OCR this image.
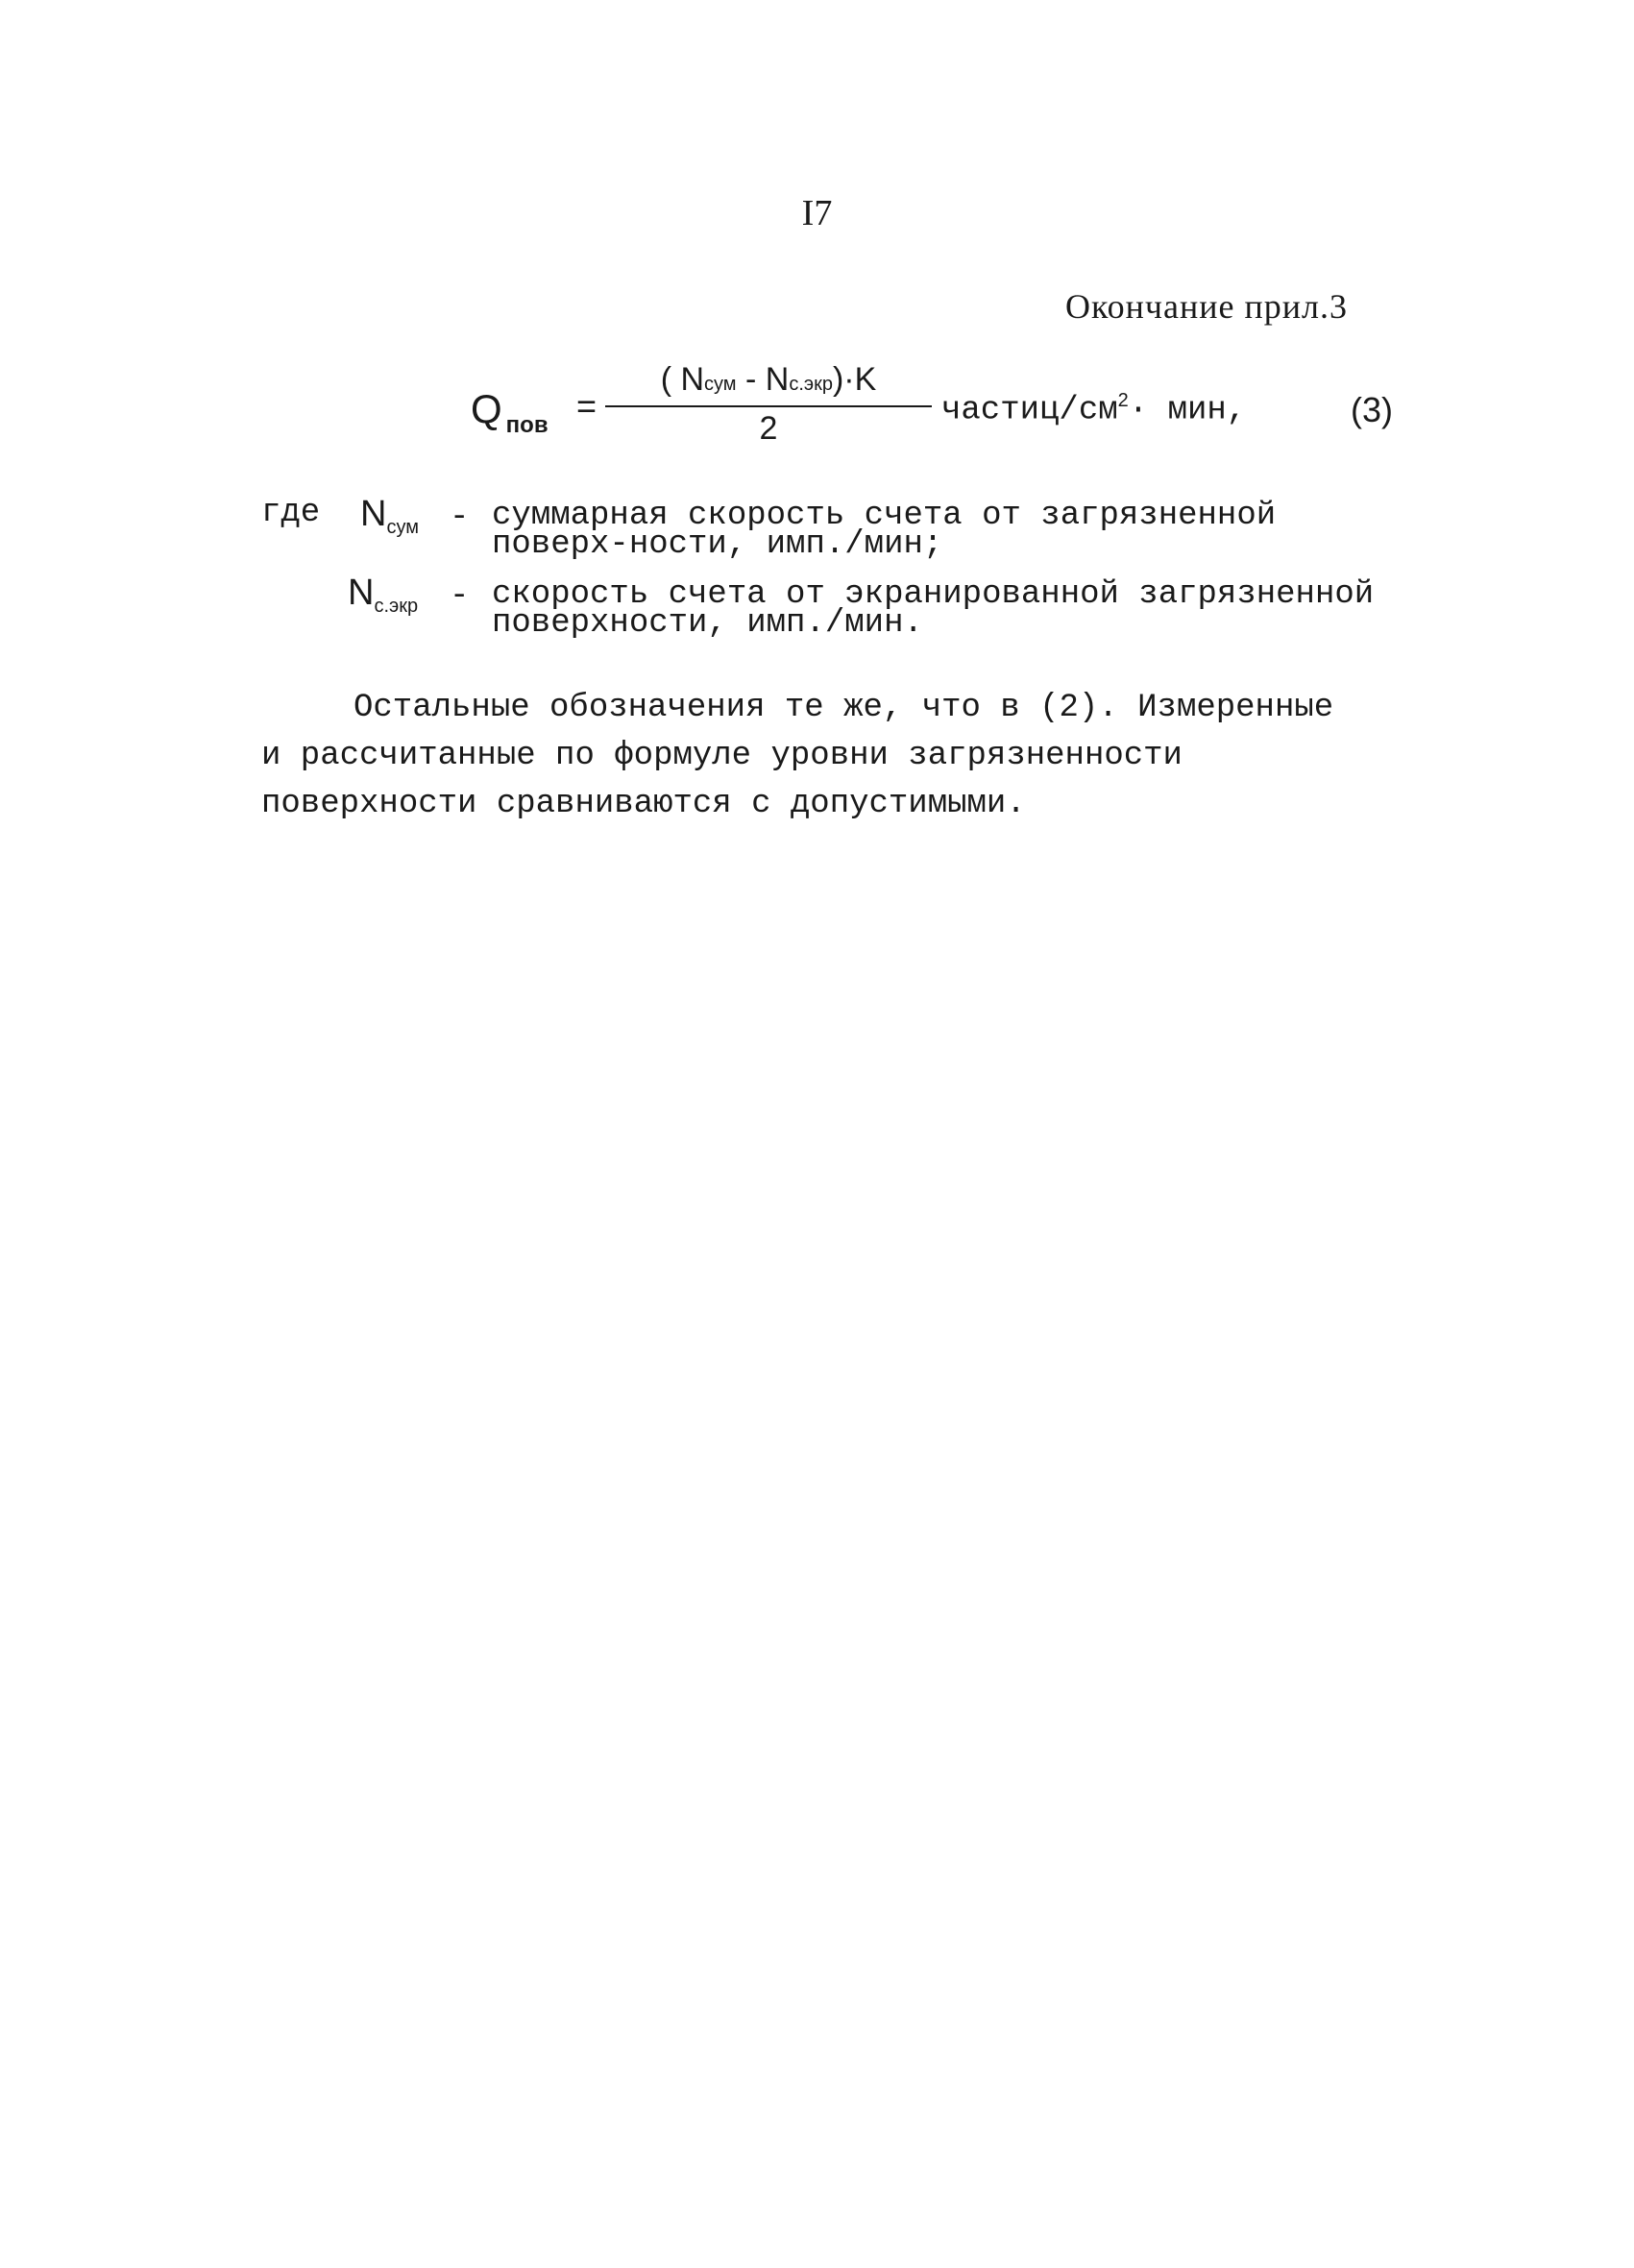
I7
Окончание прил.3
Q $_{пов}$ =
( Nсум - Nс.экр)·K
2	частиц/$см^2\cdot$ мин,	(3)
где $N_{сум}$ - суммарная скорость счета от загрязненной поверх-ности, имп./мин;
$N_{с.экр}$ - скорость счета от экранированной загрязненной поверхности, имп./мин.
Остальные обозначения те же, что в (2). Измеренные и рассчитанные по формуле уровни загрязненности поверхности сравниваются с допустимыми.
